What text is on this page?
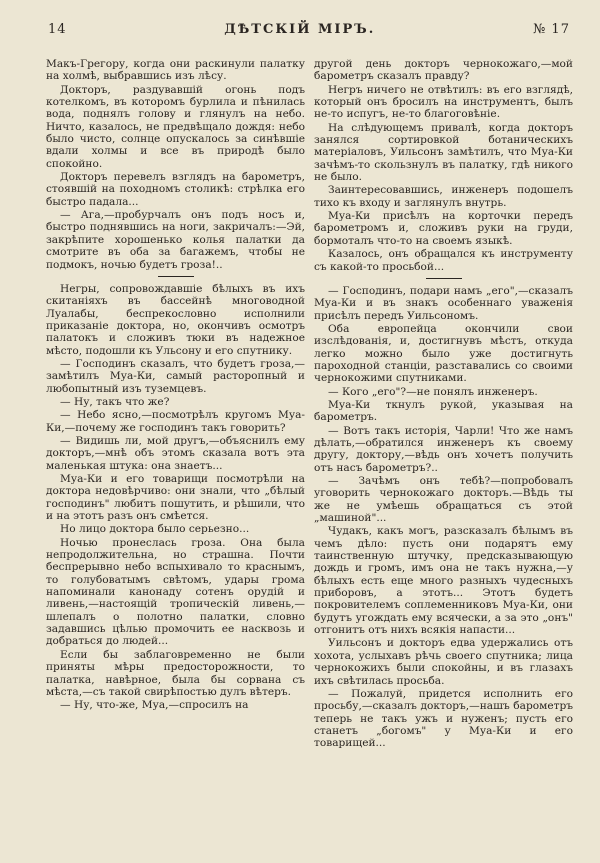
14	ДѢТСКIЙ МIРЪ.	№ 17

Макъ-Грегору, когда они раскинули палатку на холмѣ, выбравшись изъ лѣсу.

Докторъ, раздувавшій огонь подъ котелкомъ, въ которомъ бурлила и пѣнилась вода, поднялъ голову и глянулъ на небо. Ничто, казалось, не предвѣщало дождя: небо было чисто, солнце опускалось за синѣвшіе вдали холмы и все въ природѣ было спокойно.

Докторъ перевелъ взглядъ на барометръ, стоявшій на походномъ столикѣ: стрѣлка его быстро падала...

— Ага,—пробурчалъ онъ подъ носъ и, быстро поднявшись на ноги, закричалъ:—Эй, закрѣпите хорошенько колья палатки да смотрите въ оба за багажемъ, чтобы не подмокъ, ночью будетъ гроза!..

Негры, сопровождавшіе бѣлыхъ въ ихъ скитаніяхъ въ бассейнѣ многоводной Луалабы, беспрекословно исполнили приказаніе доктора, но, окончивъ осмотръ палатокъ и сложивъ тюки въ надежное мѣсто, подошли къ Ульсону и его спутнику.

— Господинъ сказалъ, что будетъ гроза,—замѣтилъ Муа-Ки, самый расторопный и любопытный изъ туземцевъ.

— Ну, такъ что же?

— Небо ясно,—посмотрѣлъ кругомъ Муа-Ки,—почему же господинъ такъ говорить?

— Видишь ли, мой другъ,—объяснилъ ему докторъ,—мнѣ объ этомъ сказала вотъ эта маленькая штука: она знаетъ...

Муа-Ки и его товарищи посмотрѣли на доктора недовѣрчиво: они знали, что „бѣлый господинъ" любитъ пошутить, и рѣшили, что и на этотъ разъ онъ смѣется.

Но лицо доктора было серьезно...

Ночью пронеслась гроза. Она была непродолжительна, но страшна. Почти беспрерывно небо вспыхивало то краснымъ, то голубоватымъ свѣтомъ, удары грома напоминали канонаду сотенъ орудій и ливень,—настоящій тропическій ливень,—шлепалъ о полотно палатки, словно задавшись цѣлью промочить ее насквозь и добраться до людей...

Если бы заблаговременно не были приняты мѣры предосторожности, то палатка, навѣрное, была бы сорвана съ мѣста,—съ такой свирѣпостью дулъ вѣтеръ.

— Ну, что-же, Муа,—спросилъ на

другой день докторъ чернокожаго,—мой барометръ сказалъ правду?

Негръ ничего не отвѣтилъ: въ его взглядѣ, который онъ бросилъ на инструментъ, былъ не-то испугъ, не-то благоговѣніе.

На слѣдующемъ привалѣ, когда докторъ занялся сортировкой ботаническихъ матеріаловъ, Уильсонъ замѣтилъ, что Муа-Ки зачѣмъ-то скользнулъ въ палатку, гдѣ никого не было.

Заинтересовавшись, инженеръ подошелъ тихо къ входу и заглянулъ внутрь.

Муа-Ки присѣлъ на корточки передъ барометромъ и, сложивъ руки на груди, бормоталъ что-то на своемъ языкѣ.

Казалось, онъ обращался къ инструменту съ какой-то просьбой...

— Господинъ, подари намъ „его",—сказалъ Муа-Ки и въ знакъ особеннаго уваженія присѣлъ передъ Уильсономъ.

Оба европейца окончили свои изслѣдованія, и, достигнувъ мѣстъ, откуда легко можно было уже достигнуть пароходной станціи, разставались со своими чернокожими спутниками.

— Кого „его"?—не понялъ инженеръ.

Муа-Ки ткнулъ рукой, указывая на барометръ.

— Вотъ такъ исторія, Чарли! Что же намъ дѣлать,—обратился инженеръ къ своему другу, доктору,—вѣдь онъ хочетъ получить отъ насъ барометръ?..

— Зачѣмъ онъ тебѣ?—попробовалъ уговорить чернокожаго докторъ.—Вѣдь ты же не умѣешь обращаться съ этой „машиной"...

Чудакъ, какъ могъ, разсказалъ бѣлымъ въ чемъ дѣло: пусть они подарятъ ему таинственную штучку, предсказывающую дождь и громъ, имъ она не такъ нужна,—у бѣлыхъ есть еще много разныхъ чудесныхъ приборовъ, а этотъ... Этотъ будетъ покровителемъ соплеменниковъ Муа-Ки, они будутъ угождать ему всячески, а за это „онъ" отгонитъ отъ нихъ всякія напасти...

Уильсонъ и докторъ едва удержались отъ хохота, услыхавъ рѣчь своего спутника; лица чернокожихъ были спокойны, и въ глазахъ ихъ свѣтилась просьба.

— Пожалуй, придется исполнить его просьбу,—сказалъ докторъ,—нашъ барометръ теперь не такъ ужъ и нуженъ; пусть его станетъ „богомъ" у Муа-Ки и его товарищей...
